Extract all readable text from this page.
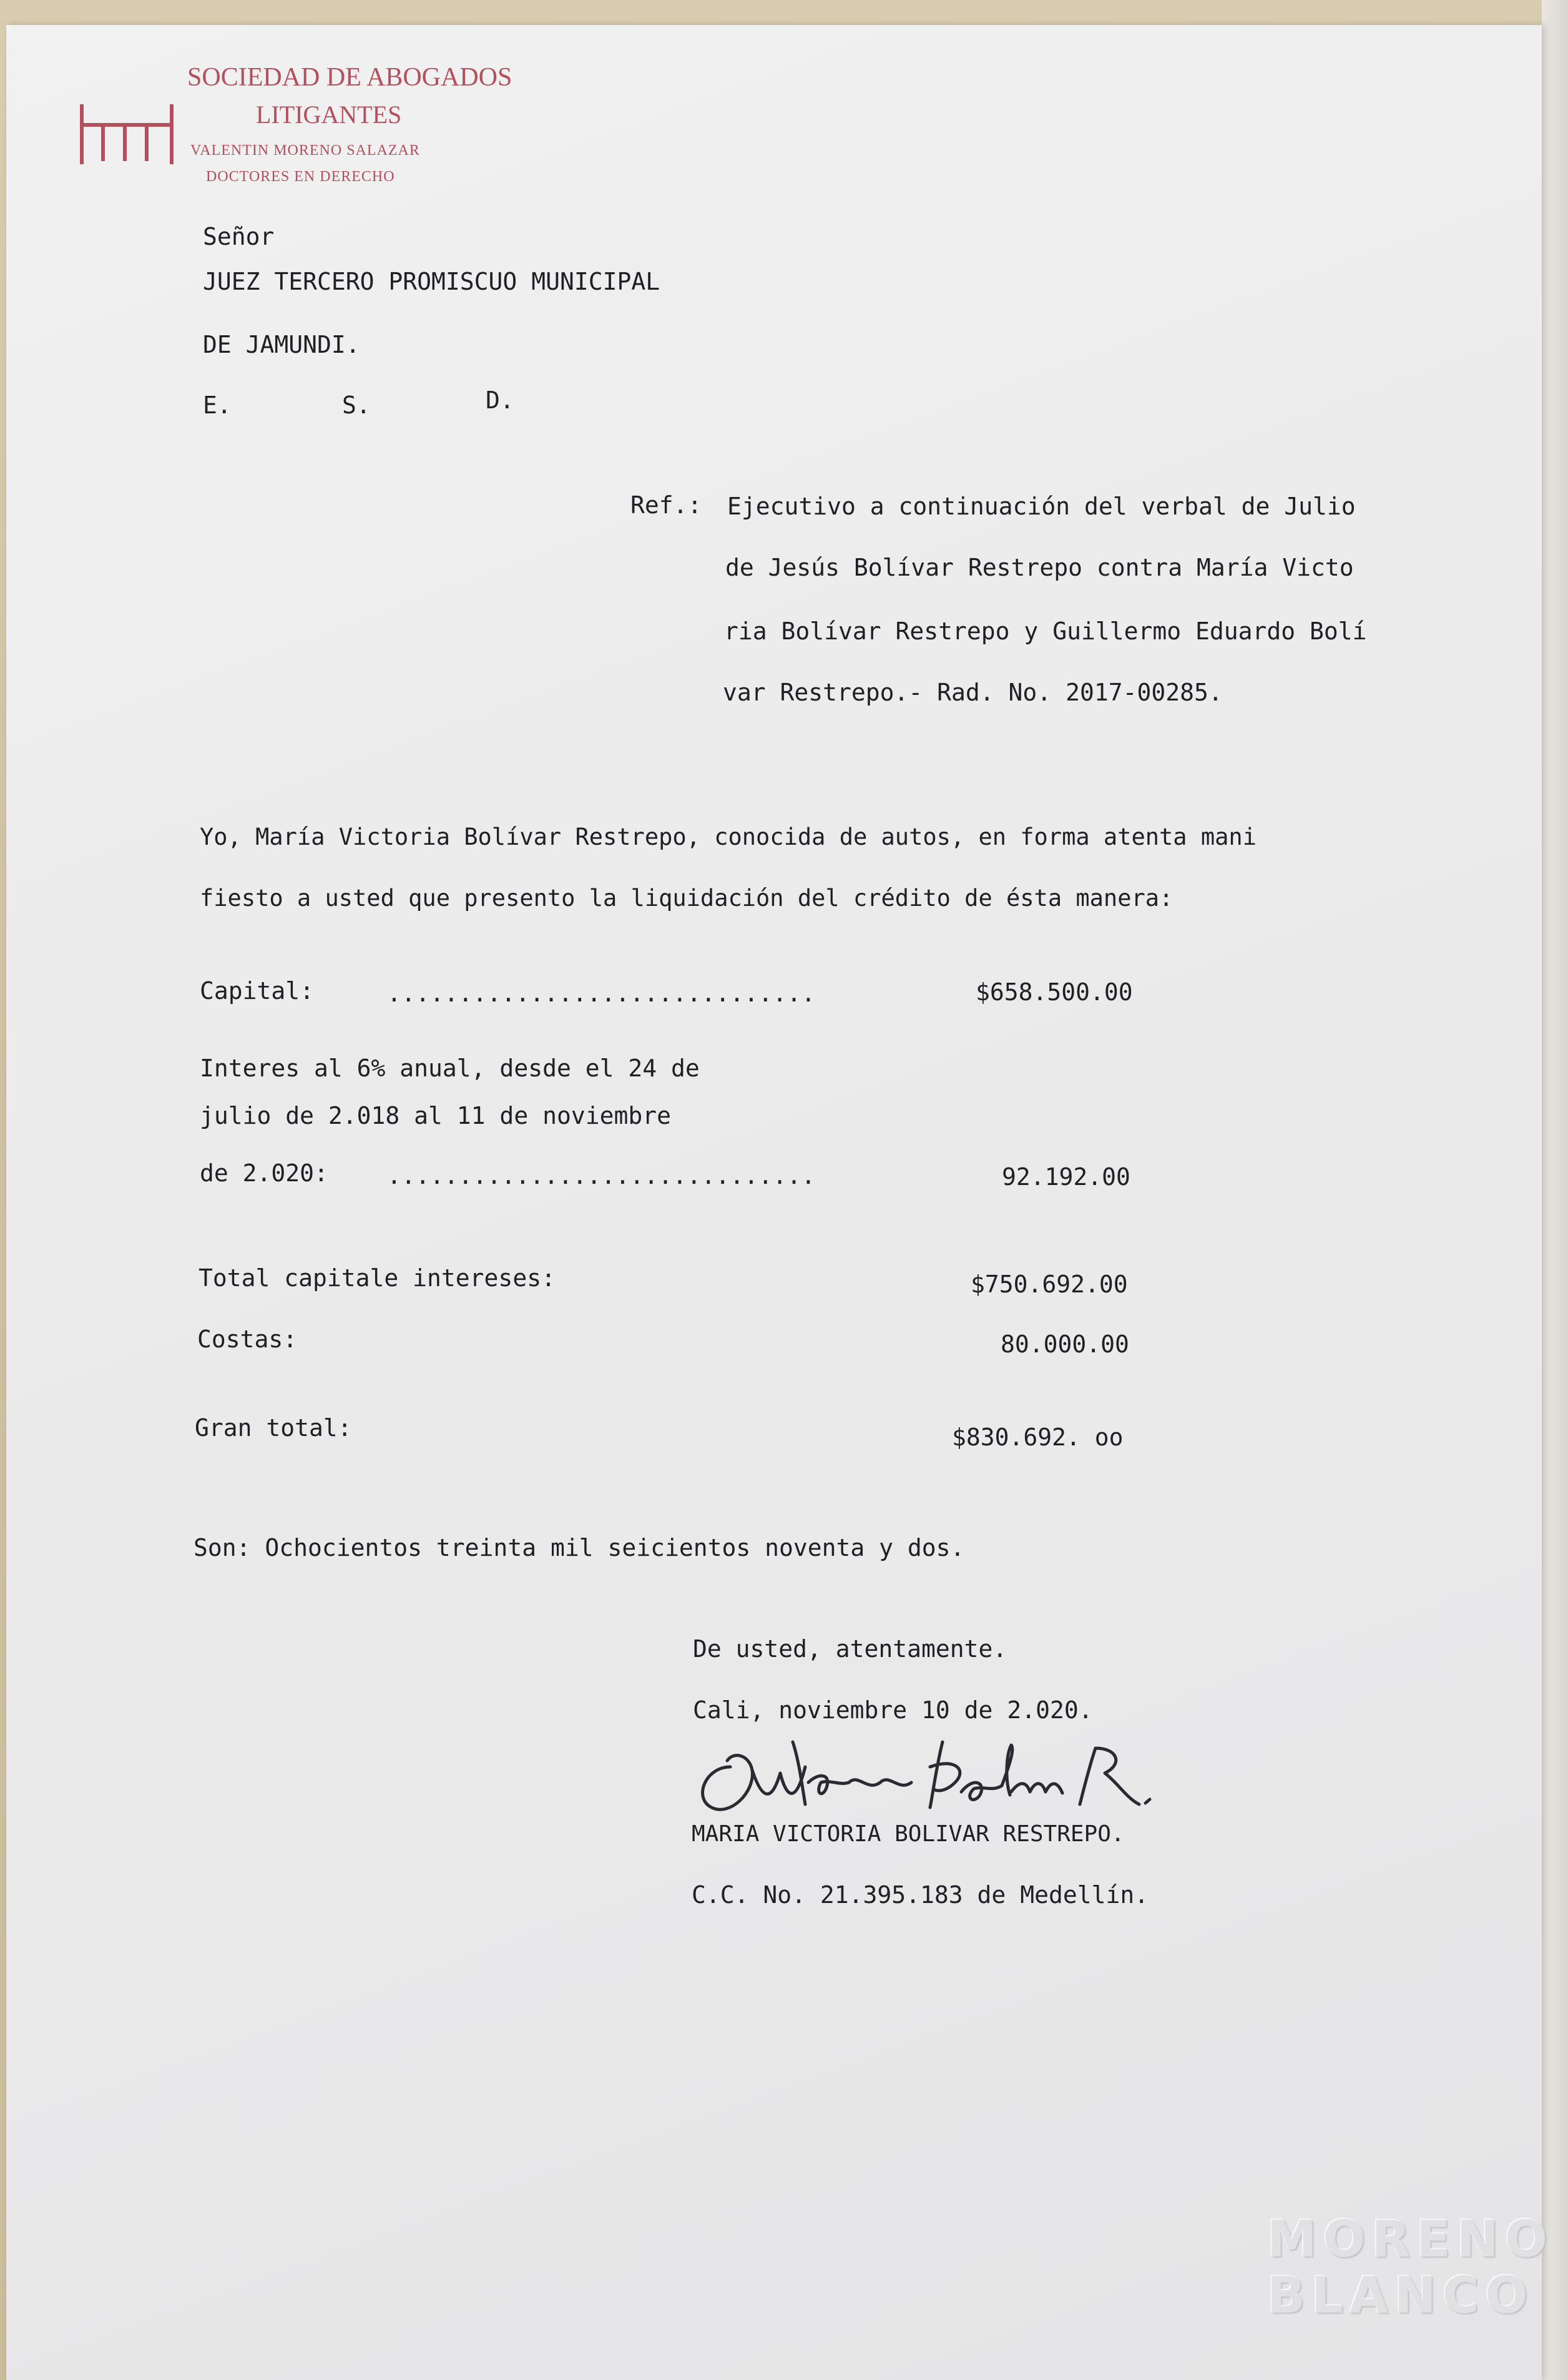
SOCIEDAD DE ABOGADOS

LITIGANTES

VALENTIN MORENO SALAZAR

DOCTORES EN DERECHO

Señor

JUEZ TERCERO PROMISCUO MUNICIPAL

DE JAMUNDI.

E.	S.	D.

Ref.: Ejecutivo a continuación del verbal de Julio

de Jesús Bolívar Restrepo contra María Victo

ria Bolívar Restrepo y Guillermo Eduardo Bolí

var Restrepo.- Rad. No. 2017-00285.

Yo, María Victoria Bolívar Restrepo, conocida de autos, en forma atenta mani

fiesto a usted que presento la liquidación del crédito de ésta manera:

Capital:	..............................	$658.500.00

Interes al 6% anual, desde el 24 de

julio de 2.018 al 11 de noviembre

de 2.020: ..............................	92.192.00

Total capitale intereses:	$750.692.00

Costas:	80.000.00

Gran total:	$830.692. oo

Son: Ochocientos treinta mil seicientos noventa y dos.

De usted, atentamente.

Cali, noviembre 10 de 2.020.

MARIA VICTORIA BOLIVAR RESTREPO.

C.C. No. 21.395.183 de Medellín.

MORENO

BLANCO
